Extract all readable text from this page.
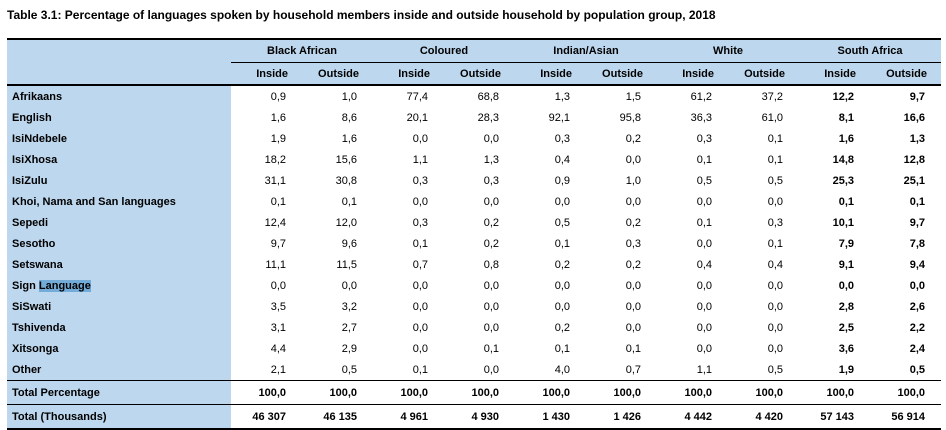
Table 3.1: Percentage of languages spoken by household members inside and outside household by population group, 2018
	Black African		Coloured		Indian/Asian		White		South Africa	
	Inside	Outside	Inside	Outside	Inside	Outside	Inside	Outside	Inside	Outside
Afrikaans	0,9	1,0	77,4	68,8	1,3	1,5	61,2	37,2	12,2	9,7
English	1,6	8,6	20,1	28,3	92,1	95,8	36,3	61,0	8,1	16,6
IsiNdebele	1,9	1,6	0,0	0,0	0,3	0,2	0,3	0,1	1,6	1,3
IsiXhosa	18,2	15,6	1,1	1,3	0,4	0,0	0,1	0,1	14,8	12,8
IsiZulu	31,1	30,8	0,3	0,3	0,9	1,0	0,5	0,5	25,3	25,1
Khoi, Nama and San languages	0,1	0,1	0,0	0,0	0,0	0,0	0,0	0,0	0,1	0,1
Sepedi	12,4	12,0	0,3	0,2	0,5	0,2	0,1	0,3	10,1	9,7
Sesotho	9,7	9,6	0,1	0,2	0,1	0,3	0,0	0,1	7,9	7,8
Setswana	11,1	11,5	0,7	0,8	0,2	0,2	0,4	0,4	9,1	9,4
Sign Language	0,0	0,0	0,0	0,0	0,0	0,0	0,0	0,0	0,0	0,0
SiSwati	3,5	3,2	0,0	0,0	0,0	0,0	0,0	0,0	2,8	2,6
Tshivenda	3,1	2,7	0,0	0,0	0,2	0,0	0,0	0,0	2,5	2,2
Xitsonga	4,4	2,9	0,0	0,1	0,1	0,1	0,0	0,0	3,6	2,4
Other	2,1	0,5	0,1	0,0	4,0	0,7	1,1	0,5	1,9	0,5
Total Percentage	100,0	100,0	100,0	100,0	100,0	100,0	100,0	100,0	100,0	100,0
Total (Thousands)	46 307	46 135	4 961	4 930	1 430	1 426	4 442	4 420	57 143	56 914
